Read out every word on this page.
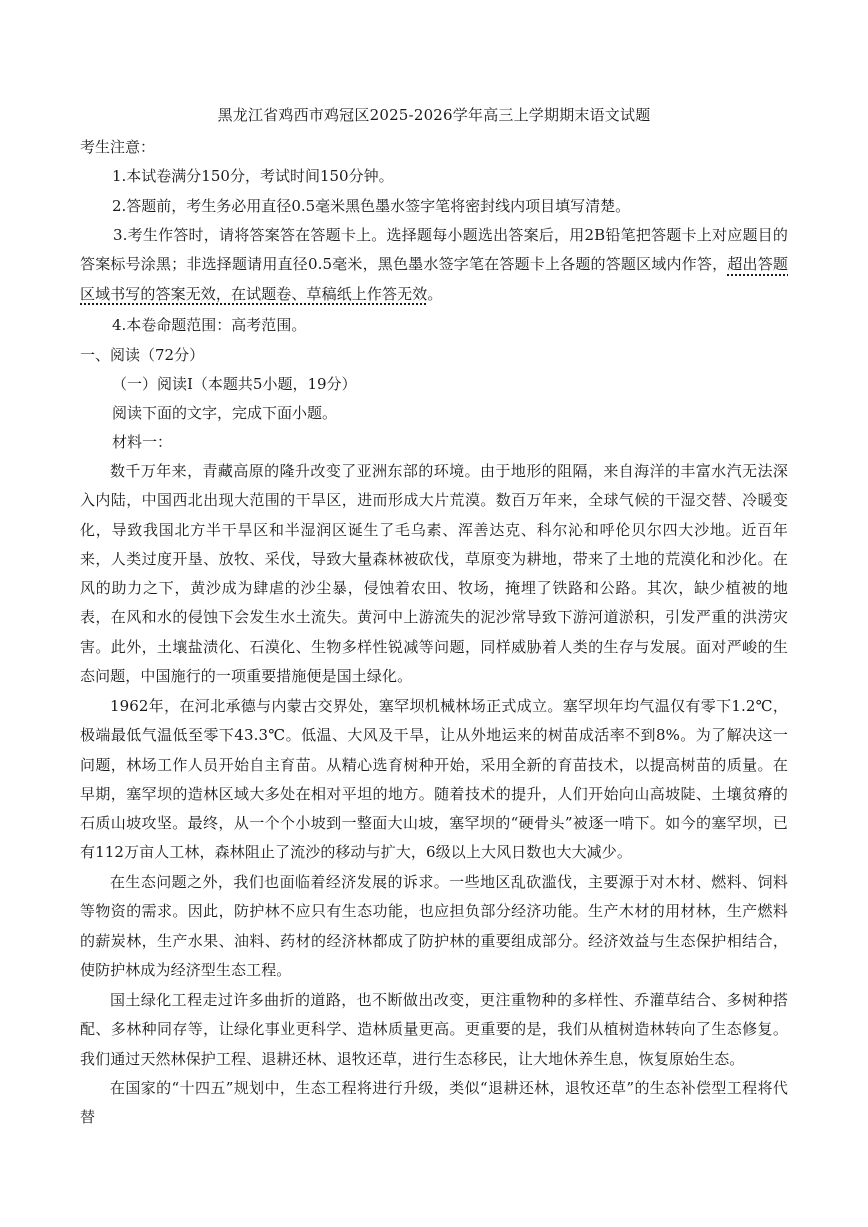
黑龙江省鸡西市鸡冠区2025-2026学年高三上学期期末语文试题
考生注意：
1.本试卷满分150分，考试时间150分钟。
2.答题前，考生务必用直径0.5毫米黑色墨水签字笔将密封线内项目填写清楚。
3.考生作答时，请将答案答在答题卡上。选择题每小题选出答案后，用2B铅笔把答题卡上对应题目的答案标号涂黑；非选择题请用直径0.5毫米，黑色墨水签字笔在答题卡上各题的答题区域内作答，超出答题区域书写的答案无效，在试题卷、草稿纸上作答无效。
4.本卷命题范围：高考范围。
一、阅读（72分）
（一）阅读I（本题共5小题，19分）
阅读下面的文字，完成下面小题。
材料一：
数千万年来，青藏高原的隆升改变了亚洲东部的环境。由于地形的阻隔，来自海洋的丰富水汽无法深入内陆，中国西北出现大范围的干旱区，进而形成大片荒漠。数百万年来，全球气候的干湿交替、冷暖变化，导致我国北方半干旱区和半湿润区诞生了毛乌素、浑善达克、科尔沁和呼伦贝尔四大沙地。近百年来，人类过度开垦、放牧、采伐，导致大量森林被砍伐，草原变为耕地，带来了土地的荒漠化和沙化。在风的助力之下，黄沙成为肆虐的沙尘暴，侵蚀着农田、牧场，掩埋了铁路和公路。其次，缺少植被的地表，在风和水的侵蚀下会发生水土流失。黄河中上游流失的泥沙常导致下游河道淤积，引发严重的洪涝灾害。此外，土壤盐渍化、石漠化、生物多样性锐减等问题，同样威胁着人类的生存与发展。面对严峻的生态问题，中国施行的一项重要措施便是国土绿化。
1962年，在河北承德与内蒙古交界处，塞罕坝机械林场正式成立。塞罕坝年均气温仅有零下1.2℃，极端最低气温低至零下43.3℃。低温、大风及干旱，让从外地运来的树苗成活率不到8%。为了解决这一问题，林场工作人员开始自主育苗。从精心选育树种开始，采用全新的育苗技术，以提高树苗的质量。在早期，塞罕坝的造林区域大多处在相对平坦的地方。随着技术的提升，人们开始向山高坡陡、土壤贫瘠的石质山坡攻坚。最终，从一个个小坡到一整面大山坡，塞罕坝的“硬骨头”被逐一啃下。如今的塞罕坝，已有112万亩人工林，森林阻止了流沙的移动与扩大，6级以上大风日数也大大减少。
在生态问题之外，我们也面临着经济发展的诉求。一些地区乱砍滥伐，主要源于对木材、燃料、饲料等物资的需求。因此，防护林不应只有生态功能，也应担负部分经济功能。生产木材的用材林，生产燃料的薪炭林，生产水果、油料、药材的经济林都成了防护林的重要组成部分。经济效益与生态保护相结合，使防护林成为经济型生态工程。
国土绿化工程走过许多曲折的道路，也不断做出改变，更注重物种的多样性、乔灌草结合、多树种搭配、多林种同存等，让绿化事业更科学、造林质量更高。更重要的是，我们从植树造林转向了生态修复。我们通过天然林保护工程、退耕还林、退牧还草，进行生态移民，让大地休养生息，恢复原始生态。
在国家的“十四五”规划中，生态工程将进行升级，类似“退耕还林，退牧还草”的生态补偿型工程将代替
